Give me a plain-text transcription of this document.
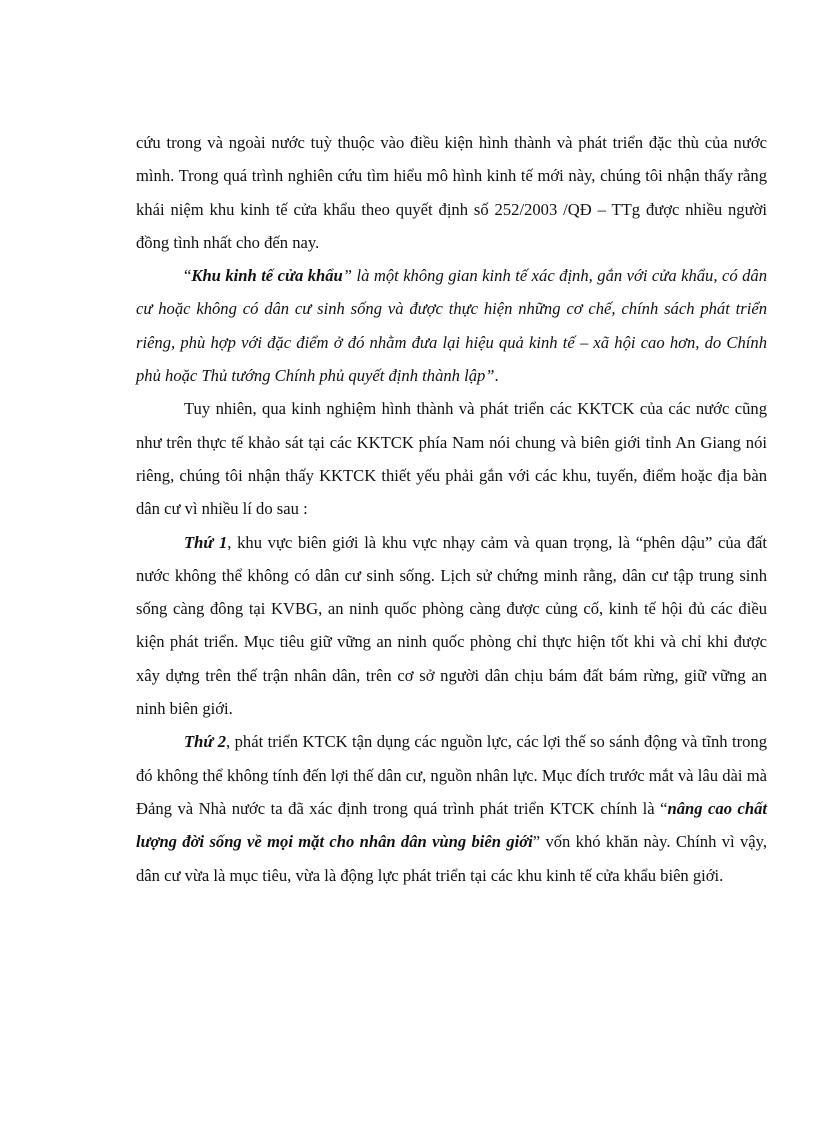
cứu trong và ngoài nước tuỳ thuộc vào điều kiện hình thành và phát triển đặc thù của nước mình. Trong quá trình nghiên cứu tìm hiểu mô hình kinh tế mới này, chúng tôi nhận thấy rằng khái niệm khu kinh tế cửa khẩu theo quyết định số 252/2003 /QĐ – TTg được nhiều người đồng tình nhất cho đến nay.

“Khu kinh tế cửa khẩu” là một không gian kinh tế xác định, gắn với cửa khẩu, có dân cư hoặc không có dân cư sinh sống và được thực hiện những cơ chế, chính sách phát triển riêng, phù hợp với đặc điểm ở đó nhằm đưa lại hiệu quả kinh tế – xã hội cao hơn, do Chính phủ hoặc Thủ tướng Chính phủ quyết định thành lập”.

Tuy nhiên, qua kinh nghiệm hình thành và phát triển các KKTCK của các nước cũng như trên thực tế khảo sát tại các KKTCK phía Nam nói chung và biên giới tỉnh An Giang nói riêng, chúng tôi nhận thấy KKTCK thiết yếu phải gắn với các khu, tuyến, điểm hoặc địa bàn dân cư vì nhiều lí do sau :

Thứ 1, khu vực biên giới là khu vực nhạy cảm và quan trọng, là “phên dậu” của đất nước không thể không có dân cư sinh sống. Lịch sử chứng minh rằng, dân cư tập trung sinh sống càng đông tại KVBG, an ninh quốc phòng càng được củng cố, kinh tế hội đủ các điều kiện phát triển. Mục tiêu giữ vững an ninh quốc phòng chỉ thực hiện tốt khi và chỉ khi được xây dựng trên thế trận nhân dân, trên cơ sở người dân chịu bám đất bám rừng, giữ vững an ninh biên giới.

Thứ 2, phát triển KTCK tận dụng các nguồn lực, các lợi thế so sánh động và tĩnh trong đó không thể không tính đến lợi thế dân cư, nguồn nhân lực. Mục đích trước mắt và lâu dài mà Đảng và Nhà nước ta đã xác định trong quá trình phát triển KTCK chính là “nâng cao chất lượng đời sống về mọi mặt cho nhân dân vùng biên giới” vốn khó khăn này. Chính vì vậy, dân cư vừa là mục tiêu, vừa là động lực phát triển tại các khu kinh tế cửa khẩu biên giới.
